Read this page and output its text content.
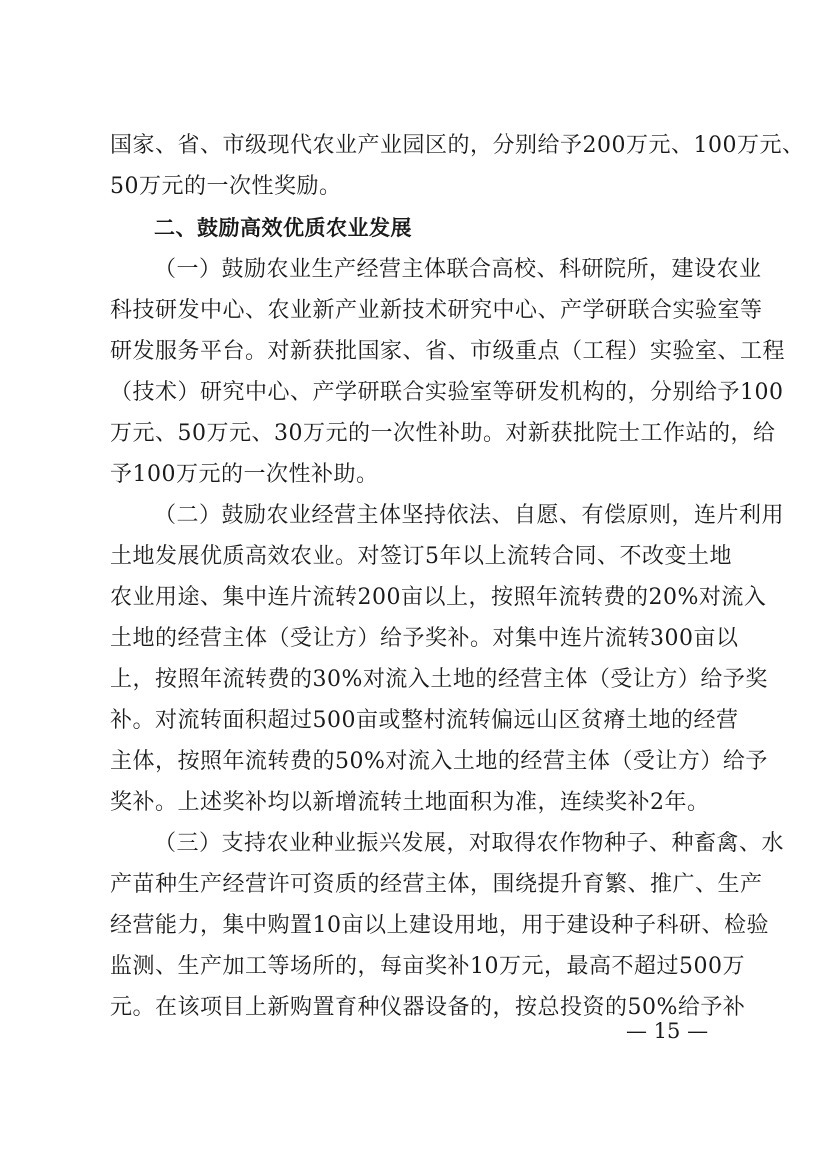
国家、省、市级现代农业产业园区的，分别给予200万元、100万元、
50万元的一次性奖励。
二、鼓励高效优质农业发展
（一）鼓励农业生产经营主体联合高校、科研院所，建设农业
科技研发中心、农业新产业新技术研究中心、产学研联合实验室等
研发服务平台。对新获批国家、省、市级重点（工程）实验室、工程
（技术）研究中心、产学研联合实验室等研发机构的，分别给予100
万元、50万元、30万元的一次性补助。对新获批院士工作站的，给
予100万元的一次性补助。
（二）鼓励农业经营主体坚持依法、自愿、有偿原则，连片利用
土地发展优质高效农业。对签订5年以上流转合同、不改变土地
农业用途、集中连片流转200亩以上，按照年流转费的20%对流入
土地的经营主体（受让方）给予奖补。对集中连片流转300亩以
上，按照年流转费的30%对流入土地的经营主体（受让方）给予奖
补。对流转面积超过500亩或整村流转偏远山区贫瘠土地的经营
主体，按照年流转费的50%对流入土地的经营主体（受让方）给予
奖补。上述奖补均以新增流转土地面积为准，连续奖补2年。
（三）支持农业种业振兴发展，对取得农作物种子、种畜禽、水
产苗种生产经营许可资质的经营主体，围绕提升育繁、推广、生产
经营能力，集中购置10亩以上建设用地，用于建设种子科研、检验
监测、生产加工等场所的，每亩奖补10万元，最高不超过500万
元。在该项目上新购置育种仪器设备的，按总投资的50%给予补
— 15 —
